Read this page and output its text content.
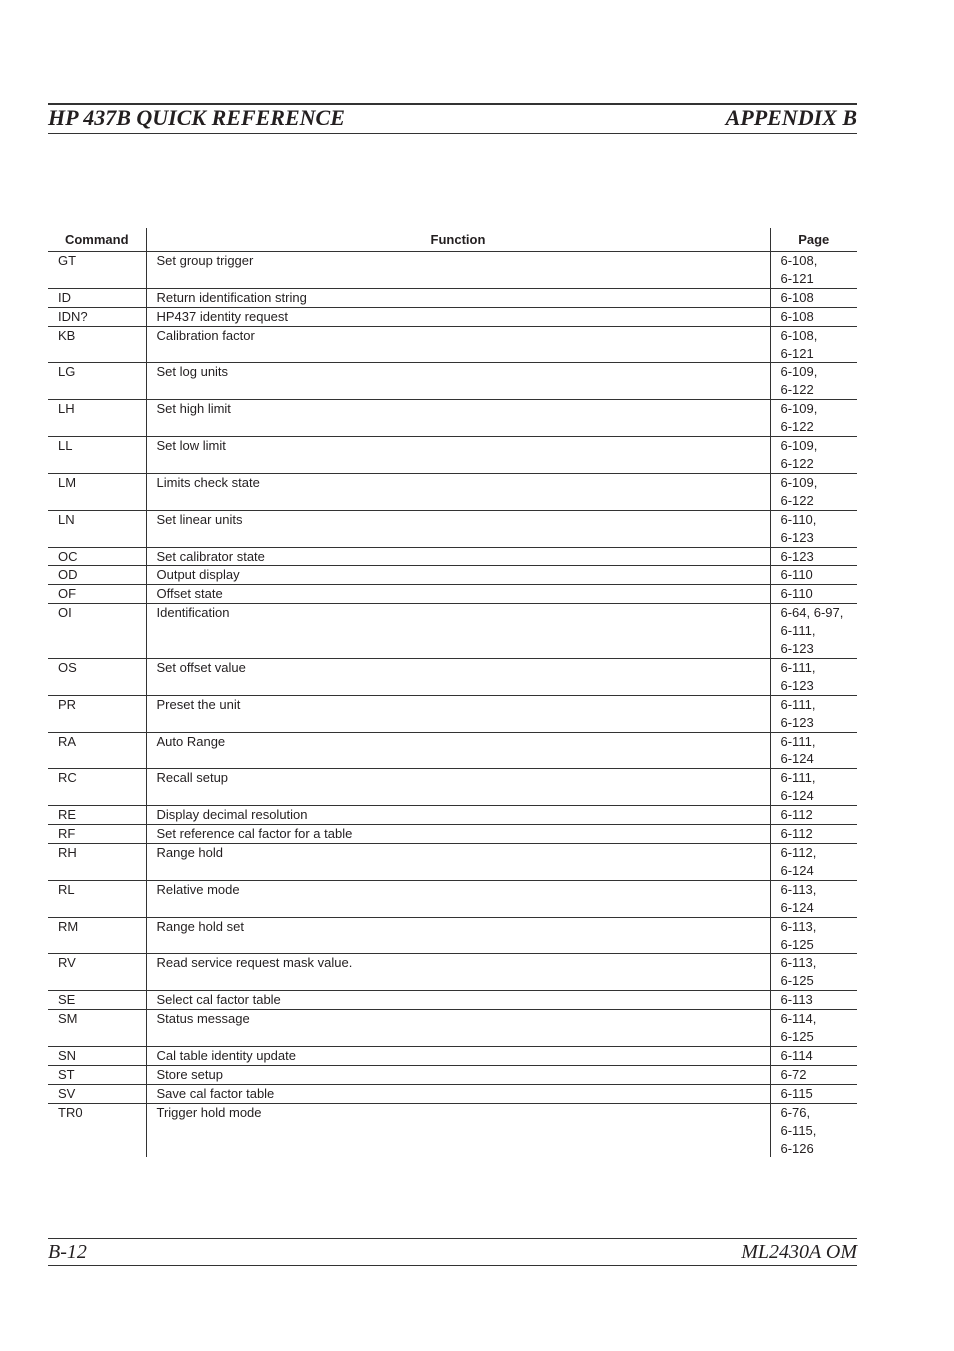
HP 437B QUICK REFERENCE	APPENDIX B
Command	Function	Page
GT	Set group trigger	6-108,
6-121
ID	Return identification string	6-108
IDN?	HP437 identity request	6-108
KB	Calibration factor	6-108,
6-121
LG	Set log units	6-109,
6-122
LH	Set high limit	6-109,
6-122
LL	Set low limit	6-109,
6-122
LM	Limits check state	6-109,
6-122
LN	Set linear units	6-110,
6-123
OC	Set calibrator state	6-123
OD	Output display	6-110
OF	Offset state	6-110
OI	Identification	6-64, 6-97,
6-111,
6-123
OS	Set offset value	6-111,
6-123
PR	Preset the unit	6-111,
6-123
RA	Auto Range	6-111,
6-124
RC	Recall setup	6-111,
6-124
RE	Display decimal resolution	6-112
RF	Set reference cal factor for a table	6-112
RH	Range hold	6-112,
6-124
RL	Relative mode	6-113,
6-124
RM	Range hold set	6-113,
6-125
RV	Read service request mask value.	6-113,
6-125
SE	Select cal factor table	6-113
SM	Status message	6-114,
6-125
SN	Cal table identity update	6-114
ST	Store setup	6-72
SV	Save cal factor table	6-115
TR0	Trigger hold mode	6-76,
6-115,
6-126
B-12	ML2430A OM
